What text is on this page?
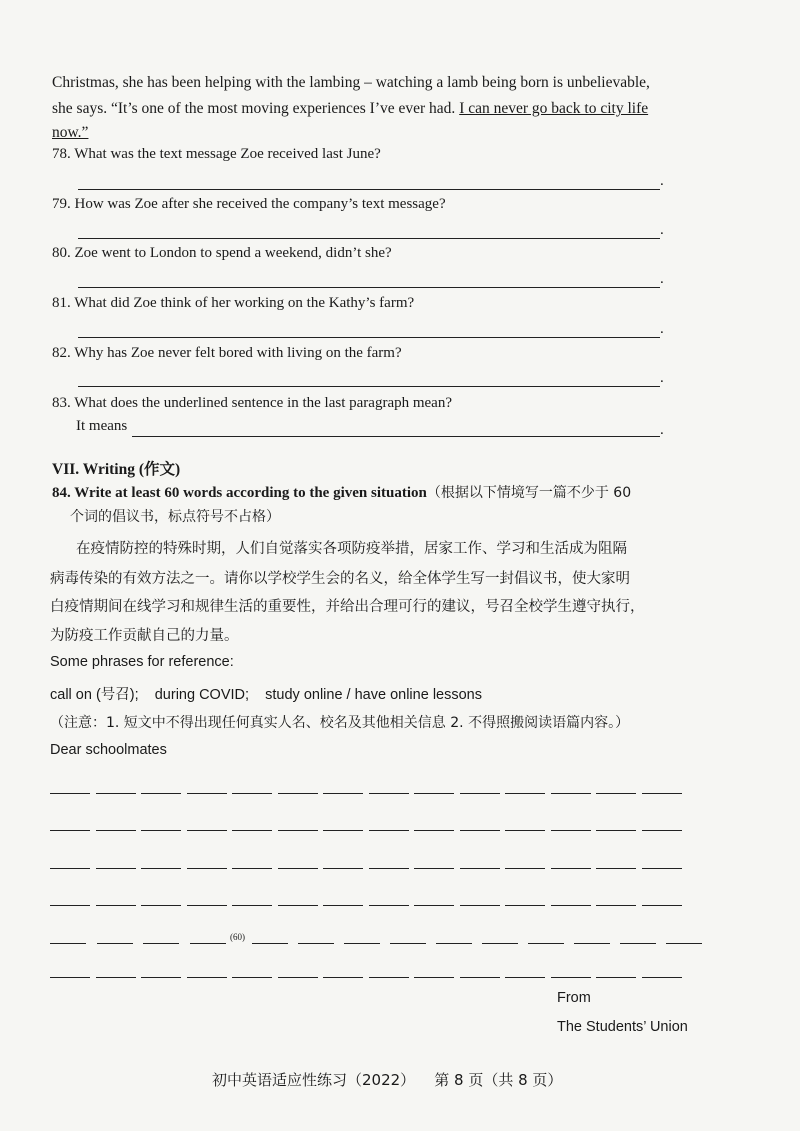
Christmas, she has been helping with the lambing – watching a lamb being born is unbelievable,
she says. “It’s one of the most moving experiences I’ve ever had. I can never go back to city life
now.”
78. What was the text message Zoe received last June?
.
79. How was Zoe after she received the company’s text message?
.
80. Zoe went to London to spend a weekend, didn’t she?
.
81. What did Zoe think of her working on the Kathy’s farm?
.
82. Why has Zoe never felt bored with living on the farm?
.
83. What does the underlined sentence in the last paragraph mean?
It means	.
VII. Writing (作文)
84. Write at least 60 words according to the given situation（根据以下情境写一篇不少于 60
个词的倡议书，标点符号不占格）
在疫情防控的特殊时期，人们自觉落实各项防疫举措，居家工作、学习和生活成为阻隔
病毒传染的有效方法之一。请你以学校学生会的名义，给全体学生写一封倡议书，使大家明
白疫情期间在线学习和规律生活的重要性，并给出合理可行的建议，号召全校学生遵守执行，
为防疫工作贡献自己的力量。
Some phrases for reference:
call on (号召);    during COVID;    study online / have online lessons
（注意：1. 短文中不得出现任何真实人名、校名及其他相关信息 2. 不得照搬阅读语篇内容。）
Dear schoolmates
(60)
From
The Students’ Union
初中英语适应性练习（2022）    第 8 页（共 8 页）
